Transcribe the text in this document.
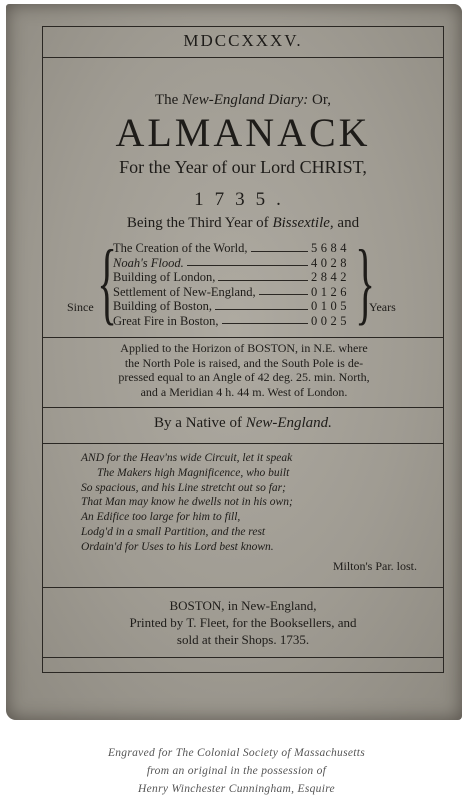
MDCCXXXV.
The New-England Diary: Or,
ALMANACK
For the Year of our Lord CHRIST,
1735.
Being the Third Year of Bissextile, and
Since {
The Creation of the World,	5684
Noah's Flood.	4028
Building of London,	2842
Settlement of New-England,	0126
Building of Boston,	0105
Great Fire in Boston,	0025 }
Years
Applied to the Horizon of BOSTON, in N.E. where
the North Pole is raised, and the South Pole is de-
pressed equal to an Angle of 42 deg. 25. min. North,
and a Meridian 4 h. 44 m. West of London.
By a Native of New-England.
AND for the Heav'ns wide Circuit, let it speak
The Makers high Magnificence, who built
So spacious, and his Line stretcht out so far;
That Man may know he dwells not in his own;
An Edifice too large for him to fill,
Lodg'd in a small Partition, and the rest
Ordain'd for Uses to his Lord best known.
Milton's Par. lost.
BOSTON, in New-England,
Printed by T. Fleet, for the Booksellers, and
sold at their Shops. 1735.
Engraved for The Colonial Society of Massachusetts
from an original in the possession of
Henry Winchester Cunningham, Esquire
